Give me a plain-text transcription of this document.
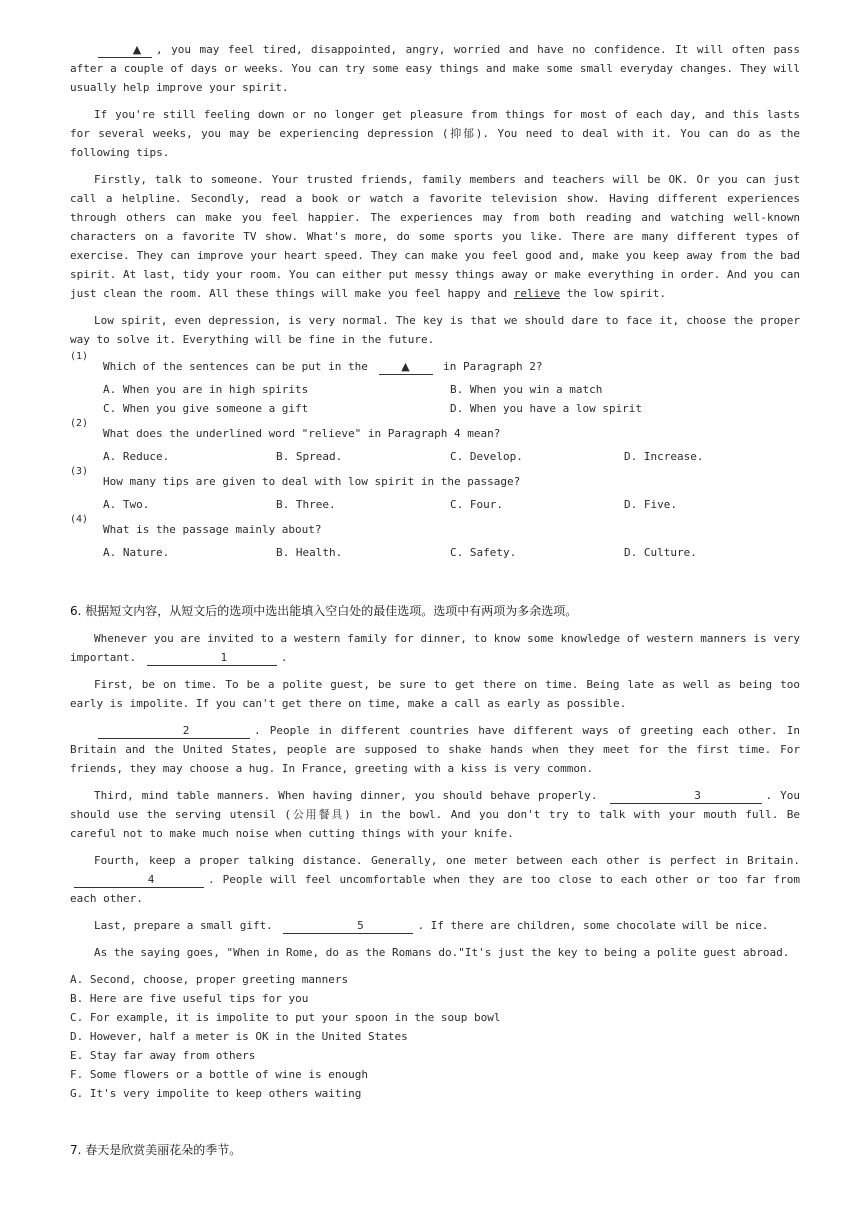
▲ , you may feel tired, disappointed, angry, worried and have no confidence. It will often pass after a couple of days or weeks. You can try some easy things and make some small everyday changes. They will usually help improve your spirit.

If you're still feeling down or no longer get pleasure from things for most of each day, and this lasts for several weeks, you may be experiencing depression (抑郁). You need to deal with it. You can do as the following tips.

Firstly, talk to someone. Your trusted friends, family members and teachers will be OK. Or you can just call a helpline. Secondly, read a book or watch a favorite television show. Having different experiences through others can make you feel happier. The experiences may from both reading and watching well-known characters on a favorite TV show. What's more, do some sports you like. There are many different types of exercise. They can improve your heart speed. They can make you feel good and, make you keep away from the bad spirit. At last, tidy your room. You can either put messy things away or make everything in order. And you can just clean the room. All these things will make you feel happy and relieve the low spirit.

Low spirit, even depression, is very normal. The key is that we should dare to face it, choose the proper way to solve it. Everything will be fine in the future.

(1)
Which of the sentences can be put in the	▲	in Paragraph 2?
A. When you are in high spirits	B. When you win a match
C. When you give someone a gift	D. When you have a low spirit
(2)
What does the underlined word "relieve" in Paragraph 4 mean?
A. Reduce.	B. Spread.	C. Develop.	D. Increase.
(3)
How many tips are given to deal with low spirit in the passage?
A. Two.	B. Three.	C. Four.	D. Five.
(4)
What is the passage mainly about?
A. Nature.	B. Health.	C. Safety.	D. Culture.

6. 根据短文内容，从短文后的选项中选出能填入空白处的最佳选项。选项中有两项为多余选项。

Whenever you are invited to a western family for dinner, to know some knowledge of western manners is very important.	1	.

First, be on time. To be a polite guest, be sure to get there on time. Being late as well as being too early is impolite. If you can't get there on time, make a call as early as possible.

2	. People in different countries have different ways of greeting each other. In Britain and the United States, people are supposed to shake hands when they meet for the first time. For friends, they may choose a hug. In France, greeting with a kiss is very common.

Third, mind table manners. When having dinner, you should behave properly.	3	. You should use the serving utensil (公用餐具) in the bowl. And you don't try to talk with your mouth full. Be careful not to make much noise when cutting things with your knife.

Fourth, keep a proper talking distance. Generally, one meter between each other is perfect in Britain. 4	. People will feel uncomfortable when they are too close to each other or too far from each other.

Last, prepare a small gift.	5	. If there are children, some chocolate will be nice.

As the saying goes, "When in Rome, do as the Romans do."It's just the key to being a polite guest abroad.

A. Second, choose, proper greeting manners

B. Here are five useful tips for you

C. For example, it is impolite to put your spoon in the soup bowl

D. However, half a meter is OK in the United States

E. Stay far away from others

F. Some flowers or a bottle of wine is enough

G. It's very impolite to keep others waiting

7. 春天是欣赏美丽花朵的季节。
